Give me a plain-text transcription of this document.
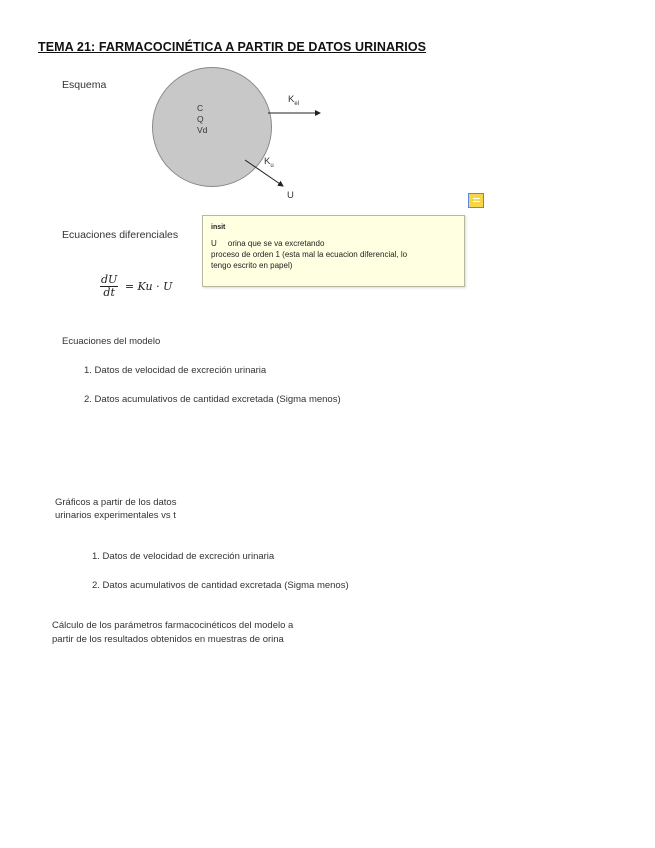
TEMA 21: FARMACOCINÉTICA A PARTIR DE DATOS URINARIOS
Esquema
C
Q
Vd
$K_{el}$
$K_u$
U
insit
U     orina que se va excretando
proceso de orden 1 (esta mal la ecuacion diferencial, lo
tengo escrito en papel)
Ecuaciones diferenciales
$\frac{dU}{dt} = Ku \cdot U$
Ecuaciones del modelo
1. Datos de velocidad de excreción urinaria
2. Datos acumulativos de cantidad excretada (Sigma menos)
Gráficos a partir de los datos
urinarios experimentales vs t
1. Datos de velocidad de excreción urinaria
2. Datos acumulativos de cantidad excretada (Sigma menos)
Cálculo de los parámetros farmacocinéticos del modelo a
partir de los resultados obtenidos en muestras de orina
